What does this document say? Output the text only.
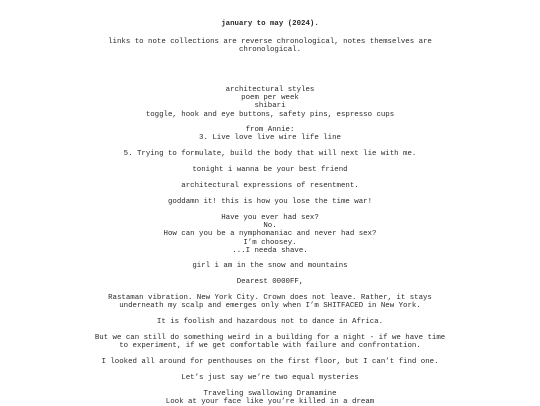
january to may (2024).
links to note collections are reverse chronological, notes themselves are
chronological.
architectural styles
poem per week
shibari
toggle, hook and eye buttons, safety pins, espresso cups
from Annie:
3. Live love live wire life line
5. Trying to formulate, build the body that will next lie with me.
tonight i wanna be your best friend
architectural expressions of resentment.
goddamn it! this is how you lose the time war!
Have you ever had sex?
No.
How can you be a nymphomaniac and never had sex?
I’m choosey.
...I needa shave.
girl i am in the snow and mountains
Dearest 0000FF,
Rastaman vibration. New York City. Crown does not leave. Rather, it stays
underneath my scalp and emerges only when I’m SHITFACED in New York.
It is foolish and hazardous not to dance in Africa.
But we can still do something weird in a building for a night - if we have time
to experiment, if we get comfortable with failure and confrontation.
I looked all around for penthouses on the first floor, but I can’t find one.
Let’s just say we’re two equal mysteries
Traveling swallowing Dramamine
Look at your face like you’re killed in a dream
